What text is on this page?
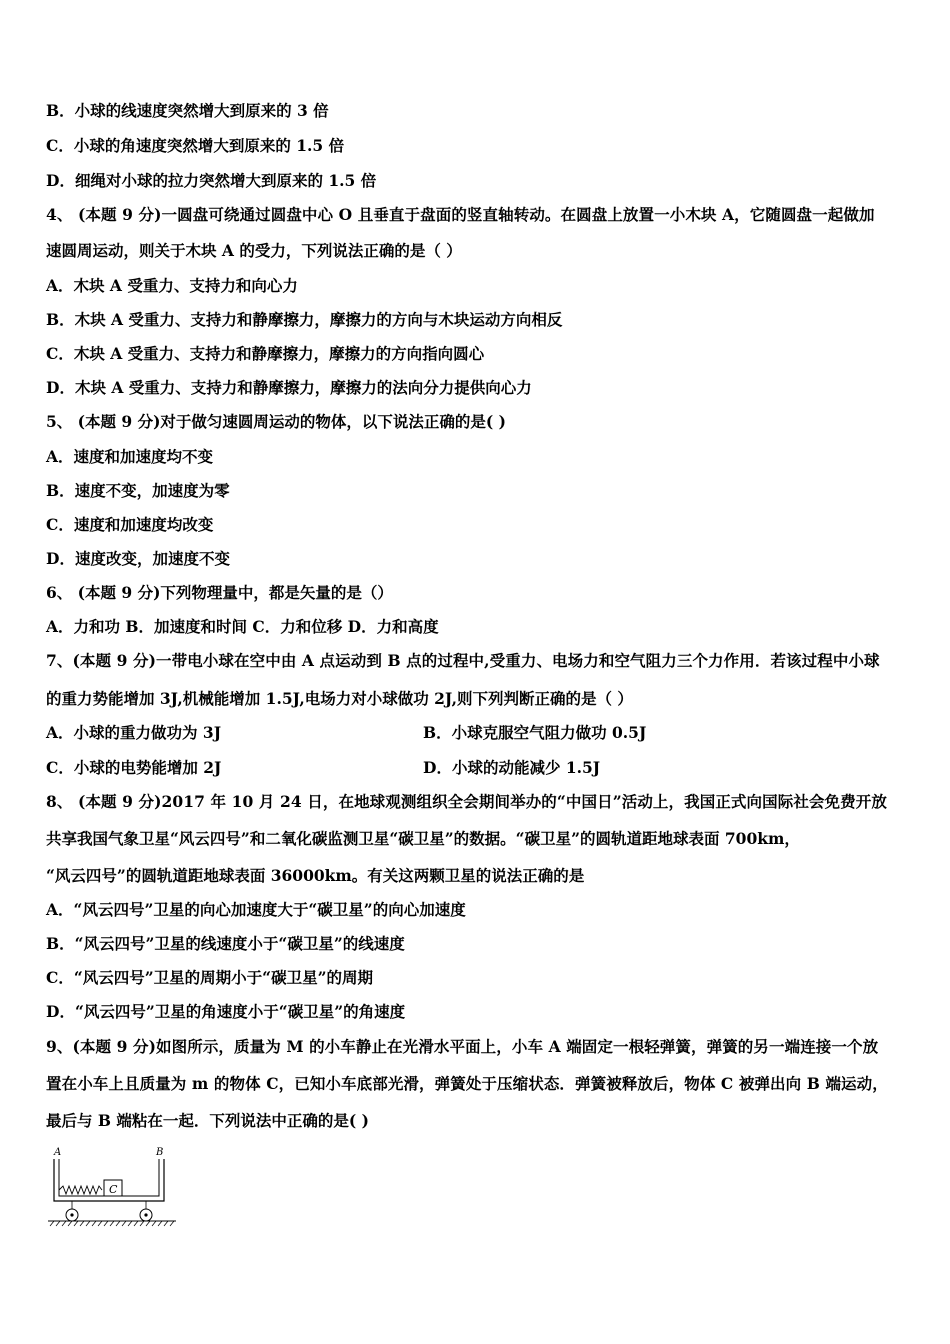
B．小球的线速度突然增大到原来的 3 倍
C．小球的角速度突然增大到原来的 1.5 倍
D．细绳对小球的拉力突然增大到原来的 1.5 倍
4、 (本题 9 分)一圆盘可绕通过圆盘中心 O 且垂直于盘面的竖直轴转动。在圆盘上放置一小木块 A，它随圆盘一起做加
速圆周运动，则关于木块 A 的受力，下列说法正确的是（ ）
A．木块 A 受重力、支持力和向心力
B．木块 A 受重力、支持力和静摩擦力，摩擦力的方向与木块运动方向相反
C．木块 A 受重力、支持力和静摩擦力，摩擦力的方向指向圆心
D．木块 A 受重力、支持力和静摩擦力，摩擦力的法向分力提供向心力
5、 (本题 9 分)对于做匀速圆周运动的物体，以下说法正确的是( )
A．速度和加速度均不变
B．速度不变，加速度为零
C．速度和加速度均改变
D．速度改变，加速度不变
6、 (本题 9 分)下列物理量中，都是矢量的是（）
A．力和功 B．加速度和时间 C．力和位移 D．力和高度
7、(本题 9 分)一带电小球在空中由 A 点运动到 B 点的过程中,受重力、电场力和空气阻力三个力作用．若该过程中小球
的重力势能增加 3J,机械能增加 1.5J,电场力对小球做功 2J,则下列判断正确的是（ ）
A．小球的重力做功为 3J	B．小球克服空气阻力做功 0.5J
C．小球的电势能增加 2J	D．小球的动能减少 1.5J
8、 (本题 9 分)2017 年 10 月 24 日，在地球观测组织全会期间举办的“中国日”活动上，我国正式向国际社会免费开放
共享我国气象卫星“风云四号”和二氧化碳监测卫星“碳卫星”的数据。“碳卫星”的圆轨道距地球表面 700km，
“风云四号”的圆轨道距地球表面 36000km。有关这两颗卫星的说法正确的是
A．“风云四号”卫星的向心加速度大于“碳卫星”的向心加速度
B．“风云四号”卫星的线速度小于“碳卫星”的线速度
C．“风云四号”卫星的周期小于“碳卫星”的周期
D．“风云四号”卫星的角速度小于“碳卫星”的角速度
9、(本题 9 分)如图所示，质量为 M 的小车静止在光滑水平面上，小车 A 端固定一根轻弹簧，弹簧的另一端连接一个放
置在小车上且质量为 m 的物体 C，已知小车底部光滑，弹簧处于压缩状态．弹簧被释放后，物体 C 被弹出向 B 端运动，
最后与 B 端粘在一起．下列说法中正确的是( )
C
A	B
